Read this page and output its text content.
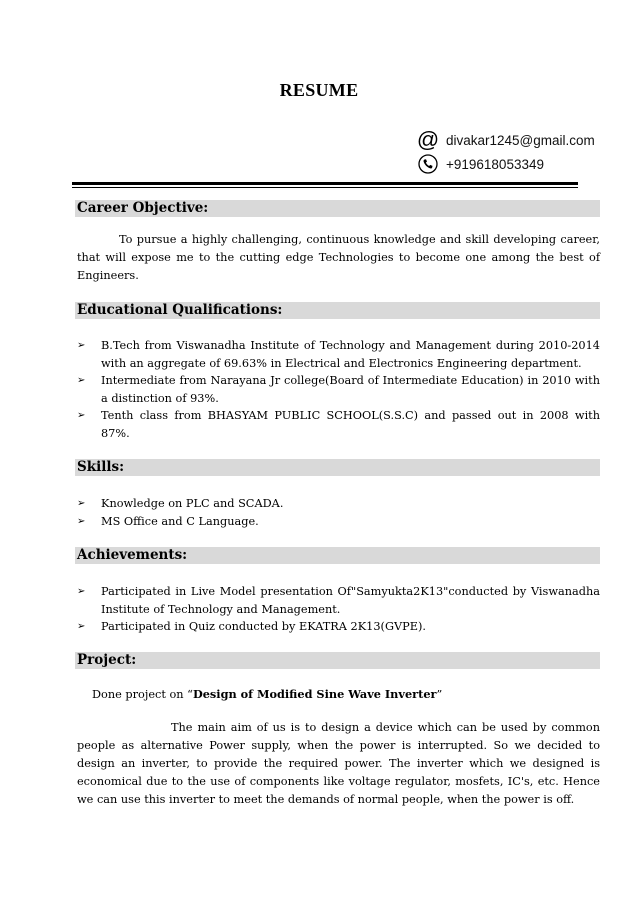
RESUME
@ divakar1245@gmail.com
+919618053349
Career Objective:
To pursue a highly challenging, continuous knowledge and skill developing career, that will expose me to the cutting edge Technologies to become one among the best of Engineers.
Educational Qualifications:
➢ B.Tech from Viswanadha Institute of Technology and Management during 2010-2014 with an aggregate of 69.63% in Electrical and Electronics Engineering department.
➢ Intermediate from Narayana Jr college(Board of Intermediate Education) in 2010 with a distinction of 93%.
➢ Tenth class from BHASYAM PUBLIC SCHOOL(S.S.C) and passed out in 2008 with 87%.
Skills:
➢ Knowledge on PLC and SCADA.
➢ MS Office and C Language.
Achievements:
➢ Participated in Live Model presentation Of"Samyukta2K13"conducted by Viswanadha Institute of Technology and Management.
➢ Participated in Quiz conducted by EKATRA 2K13(GVPE).
Project:
Done project on “Design of Modified Sine Wave Inverter”
The main aim of us is to design a device which can be used by common people as alternative Power supply, when the power is interrupted. So we decided to design an inverter, to provide the required power. The inverter which we designed is economical due to the use of components like voltage regulator, mosfets, IC's, etc. Hence we can use this inverter to meet the demands of normal people, when the power is off.
